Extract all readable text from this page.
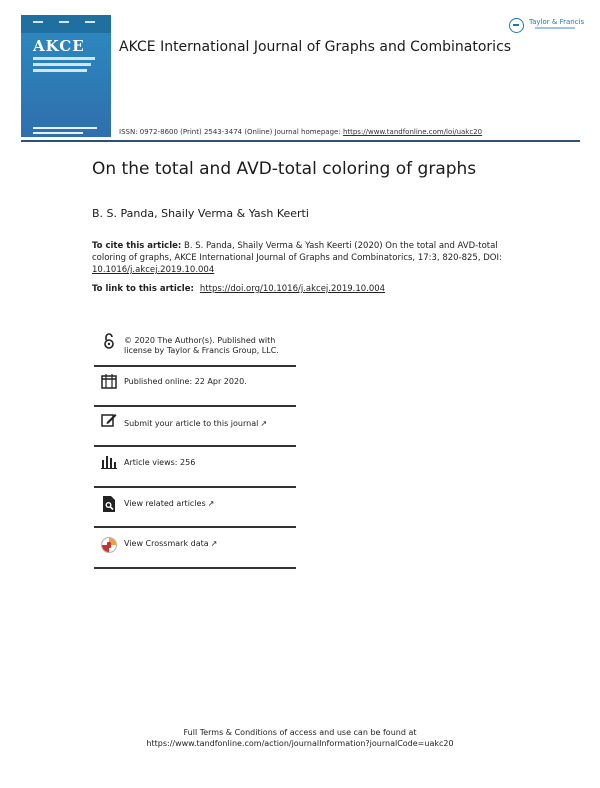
AKCE AKCE International Journal of Graphs and Combinatorics
ISSN: 0972-8600 (Print) 2543-3474 (Online) Journal homepage: https://www.tandfonline.com/loi/uakc20
Taylor & Francis
On the total and AVD-total coloring of graphs
B. S. Panda, Shaily Verma & Yash Keerti
To cite this article: B. S. Panda, Shaily Verma & Yash Keerti (2020) On the total and AVD-total coloring of graphs, AKCE International Journal of Graphs and Combinatorics, 17:3, 820-825, DOI: 10.1016/j.akcej.2019.10.004
To link to this article: https://doi.org/10.1016/j.akcej.2019.10.004
© 2020 The Author(s). Published with
license by Taylor & Francis Group, LLC.
Published online: 22 Apr 2020.
Submit your article to this journal ↗
Article views: 256
View related articles ↗
View Crossmark data ↗
Full Terms & Conditions of access and use can be found at
https://www.tandfonline.com/action/journalInformation?journalCode=uakc20
